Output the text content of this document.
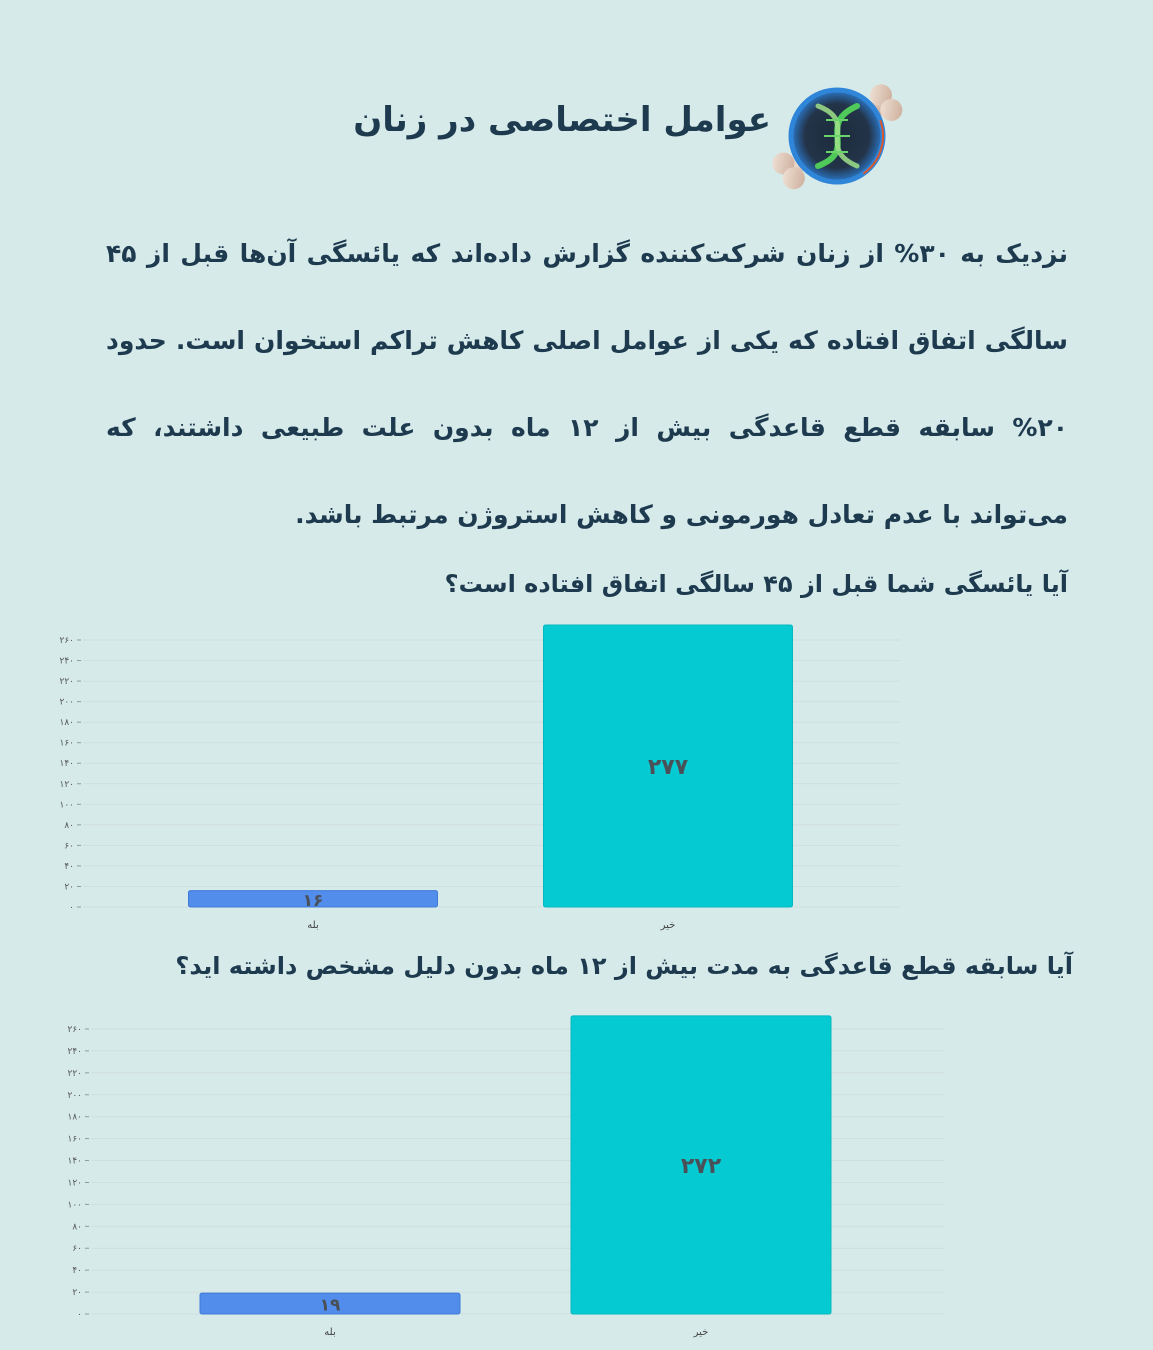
عوامل اختصاصی در زنان
نزدیک به ۳۰% از زنان شرکت‌کننده گزارش داده‌اند که یائسگی آن‌ها قبل از ۴۵ سالگی اتفاق افتاده که یکی از عوامل اصلی کاهش تراکم استخوان است. حدود ۲۰% سابقه قطع قاعدگی بیش از ۱۲ ماه بدون علت طبیعی داشتند، که می‌تواند با عدم تعادل هورمونی و کاهش استروژن مرتبط باشد.
آیا یائسگی شما قبل از ۴۵ سالگی اتفاق افتاده است؟
۰
۲۰
۴۰
۶۰
۸۰
۱۰۰
۱۲۰
۱۴۰
۱۶۰
۱۸۰
۲۰۰
۲۲۰
۲۴۰
۲۶۰
۱۶
بله
۲۷۷
خیر
آیا سابقه قطع قاعدگی به مدت بیش از ۱۲ ماه بدون دلیل مشخص داشته اید؟
۰
۲۰
۴۰
۶۰
۸۰
۱۰۰
۱۲۰
۱۴۰
۱۶۰
۱۸۰
۲۰۰
۲۲۰
۲۴۰
۲۶۰
۱۹
بله
۲۷۲
خیر
